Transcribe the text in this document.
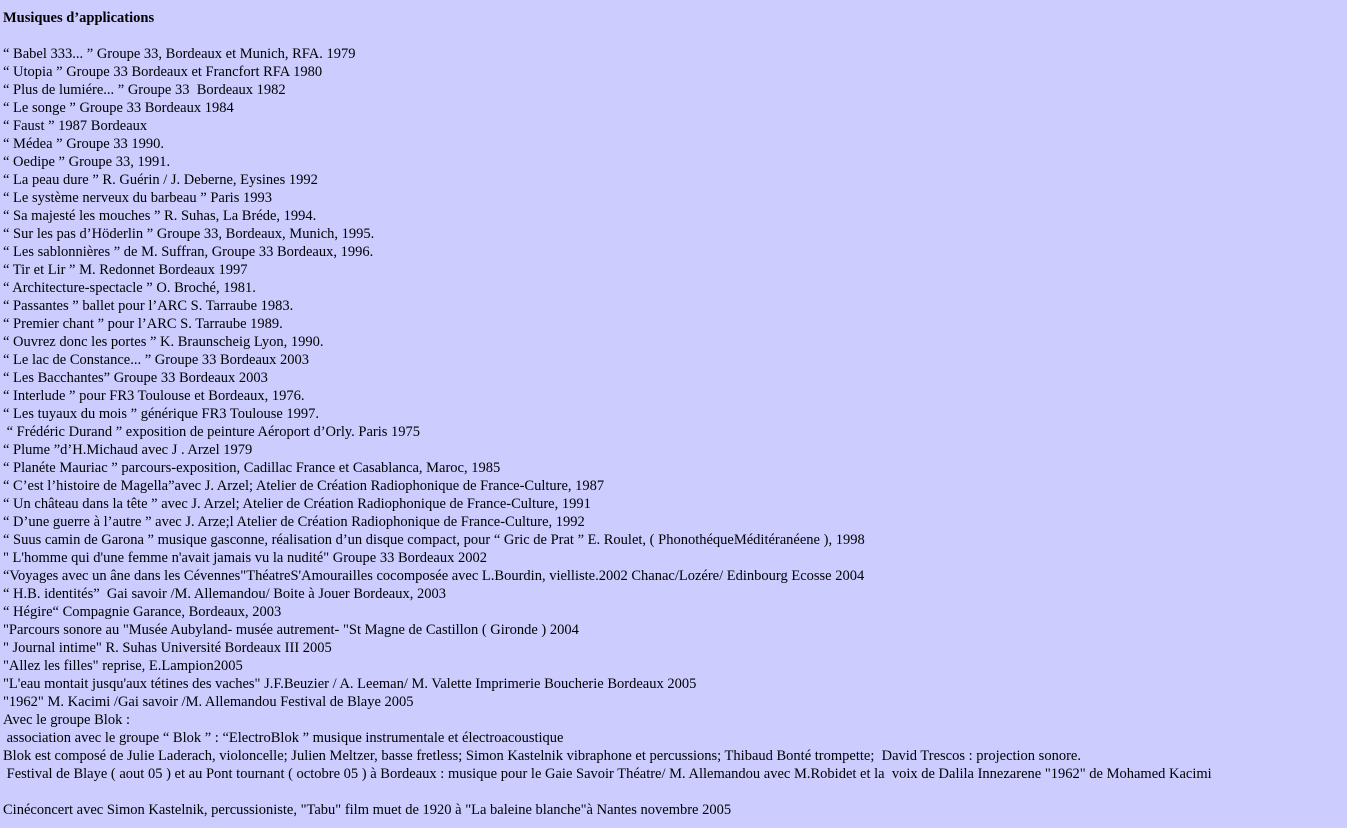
Musiques d’applications
“ Babel 333... ” Groupe 33, Bordeaux et Munich, RFA. 1979
“ Utopia ” Groupe 33 Bordeaux et Francfort RFA 1980
“ Plus de lumiére... ” Groupe 33  Bordeaux 1982
“ Le songe ” Groupe 33 Bordeaux 1984
“ Faust ” 1987 Bordeaux
“ Médea ” Groupe 33 1990.
“ Oedipe ” Groupe 33, 1991.
“ La peau dure ” R. Guérin / J. Deberne, Eysines 1992
“ Le système nerveux du barbeau ” Paris 1993
“ Sa majesté les mouches ” R. Suhas, La Bréde, 1994.
“ Sur les pas d’Höderlin ” Groupe 33, Bordeaux, Munich, 1995.
“ Les sablonnières ” de M. Suffran, Groupe 33 Bordeaux, 1996.
“ Tir et Lir ” M. Redonnet Bordeaux 1997
“ Architecture-spectacle ” O. Broché, 1981.
“ Passantes ” ballet pour l’ARC S. Tarraube 1983.
“ Premier chant ” pour l’ARC S. Tarraube 1989.
“ Ouvrez donc les portes ” K. Braunscheig Lyon, 1990.
“ Le lac de Constance... ” Groupe 33 Bordeaux 2003
“ Les Bacchantes” Groupe 33 Bordeaux 2003
“ Interlude ” pour FR3 Toulouse et Bordeaux, 1976.
“ Les tuyaux du mois ” générique FR3 Toulouse 1997.
“ Frédéric Durand ” exposition de peinture Aéroport d’Orly. Paris 1975
“ Plume ”d’H.Michaud avec J . Arzel 1979
“ Planéte Mauriac ” parcours-exposition, Cadillac France et Casablanca, Maroc, 1985
“ C’est l’histoire de Magella”avec J. Arzel; Atelier de Création Radiophonique de France-Culture, 1987
“ Un château dans la tête ” avec J. Arzel; Atelier de Création Radiophonique de France-Culture, 1991
“ D’une guerre à l’autre ” avec J. Arze;l Atelier de Création Radiophonique de France-Culture, 1992
“ Suus camin de Garona ” musique gasconne, réalisation d’un disque compact, pour “ Gric de Prat ” E. Roulet, ( PhonothéqueMéditéranéene ), 1998
" L'homme qui d'une femme n'avait jamais vu la nudité" Groupe 33 Bordeaux 2002
“Voyages avec un âne dans les Cévennes"ThéatreS'Amourailles cocomposée avec L.Bourdin, vielliste.2002 Chanac/Lozére/ Edinbourg Ecosse 2004
“ H.B. identités”  Gai savoir /M. Allemandou/ Boite à Jouer Bordeaux, 2003
“ Hégire“ Compagnie Garance, Bordeaux, 2003
"Parcours sonore au "Musée Aubyland- musée autrement- "St Magne de Castillon ( Gironde ) 2004
" Journal intime" R. Suhas Université Bordeaux III 2005
"Allez les filles" reprise, E.Lampion2005
"L'eau montait jusqu'aux tétines des vaches" J.F.Beuzier / A. Leeman/ M. Valette Imprimerie Boucherie Bordeaux 2005
"1962" M. Kacimi /Gai savoir /M. Allemandou Festival de Blaye 2005
Avec le groupe Blok :
association avec le groupe “ Blok ” : “ElectroBlok ” musique instrumentale et électroacoustique
Blok est composé de Julie Laderach, violoncelle; Julien Meltzer, basse fretless; Simon Kastelnik vibraphone et percussions; Thibaud Bonté trompette;  David Trescos : projection sonore.
Festival de Blaye ( aout 05 ) et au Pont tournant ( octobre 05 ) à Bordeaux : musique pour le Gaie Savoir Théatre/ M. Allemandou avec M.Robidet et la  voix de Dalila Innezarene "1962" de Mohamed Kacimi
Cinéconcert avec Simon Kastelnik, percussioniste, "Tabu" film muet de 1920 à "La baleine blanche"à Nantes novembre 2005
